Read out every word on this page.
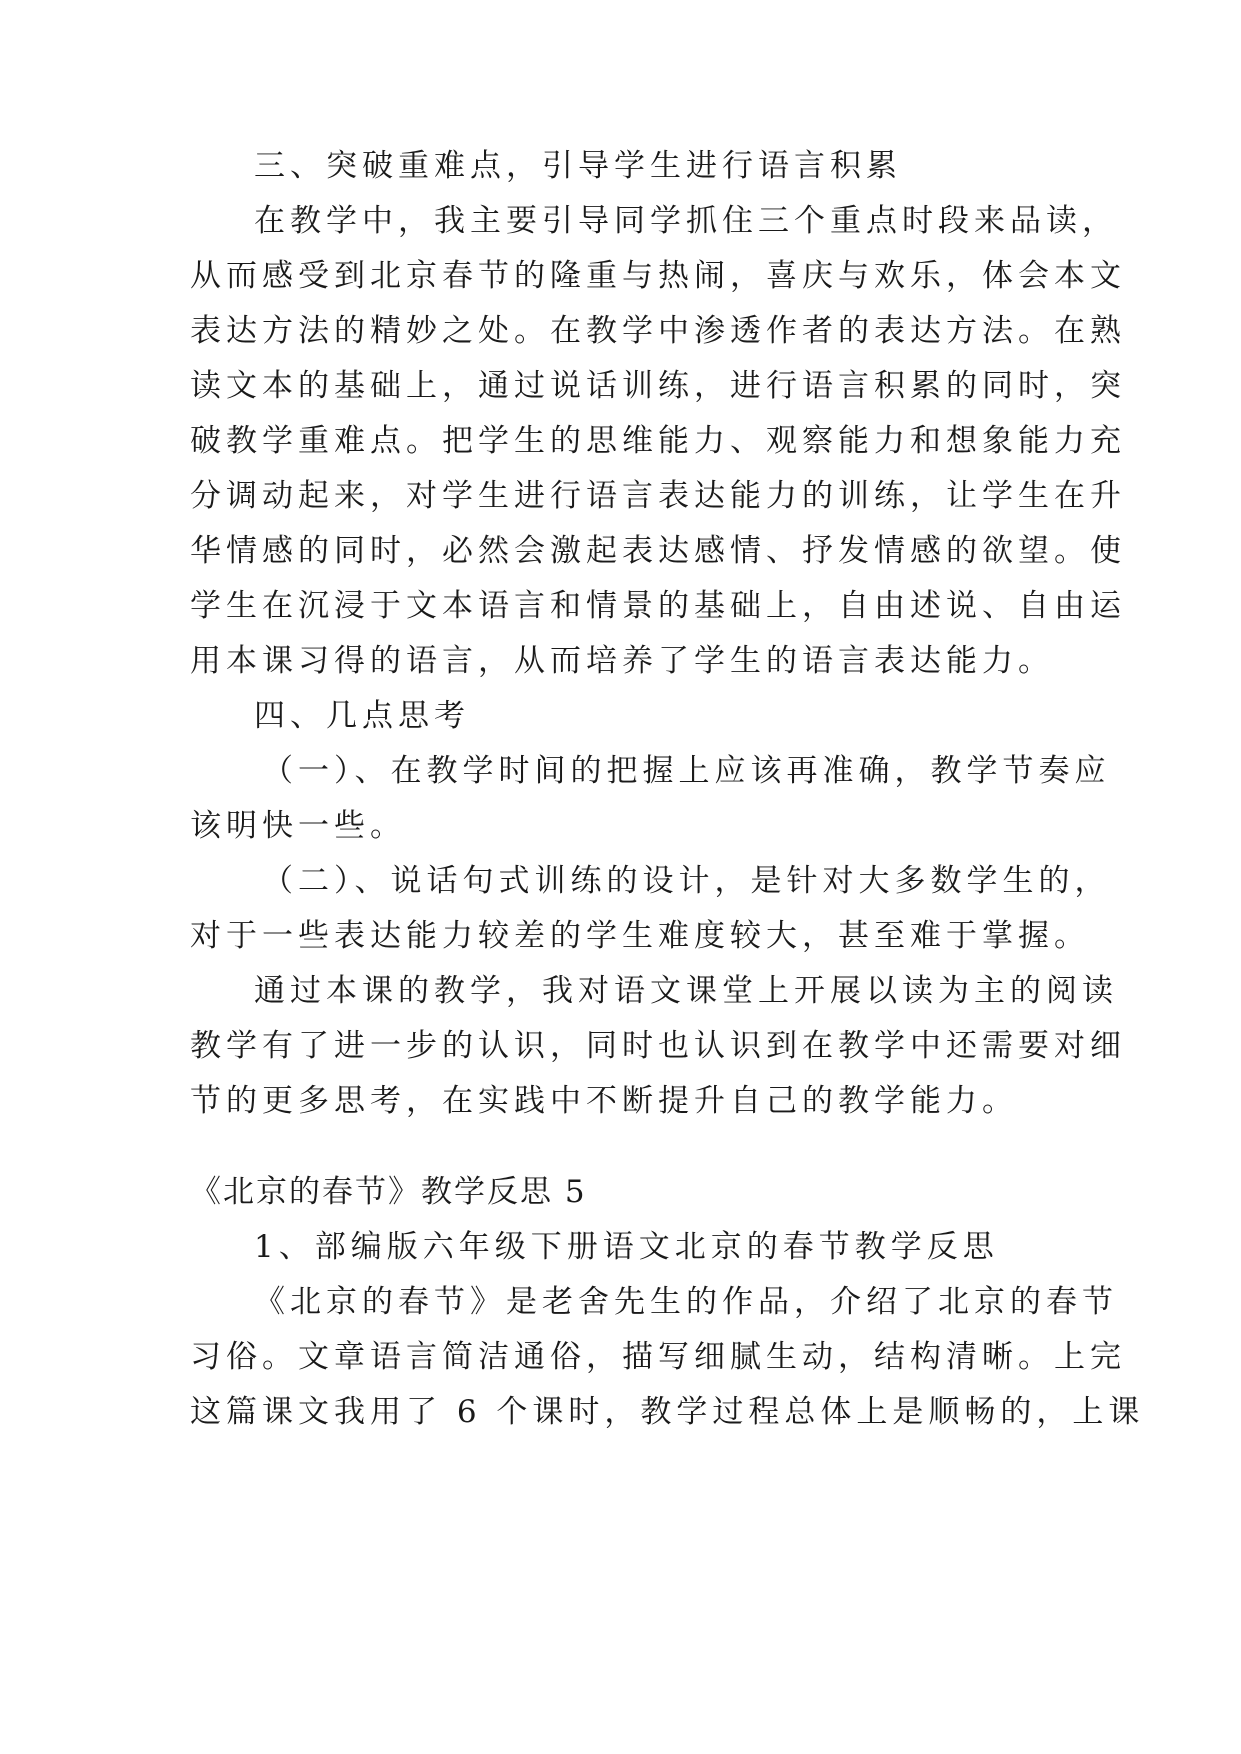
三、突破重难点，引导学生进行语言积累
在教学中，我主要引导同学抓住三个重点时段来品读，
从而感受到北京春节的隆重与热闹，喜庆与欢乐，体会本文
表达方法的精妙之处。在教学中渗透作者的表达方法。在熟
读文本的基础上，通过说话训练，进行语言积累的同时，突
破教学重难点。把学生的思维能力、观察能力和想象能力充
分调动起来，对学生进行语言表达能力的训练，让学生在升
华情感的同时，必然会激起表达感情、抒发情感的欲望。使
学生在沉浸于文本语言和情景的基础上，自由述说、自由运
用本课习得的语言，从而培养了学生的语言表达能力。
四、几点思考
（一）、在教学时间的把握上应该再准确，教学节奏应
该明快一些。
（二）、说话句式训练的设计，是针对大多数学生的，
对于一些表达能力较差的学生难度较大，甚至难于掌握。
通过本课的教学，我对语文课堂上开展以读为主的阅读
教学有了进一步的认识，同时也认识到在教学中还需要对细
节的更多思考，在实践中不断提升自己的教学能力。
《北京的春节》教学反思 5
1、部编版六年级下册语文北京的春节教学反思
《北京的春节》是老舍先生的作品，介绍了北京的春节
习俗。文章语言简洁通俗，描写细腻生动，结构清晰。上完
这篇课文我用了 6 个课时，教学过程总体上是顺畅的，上课
